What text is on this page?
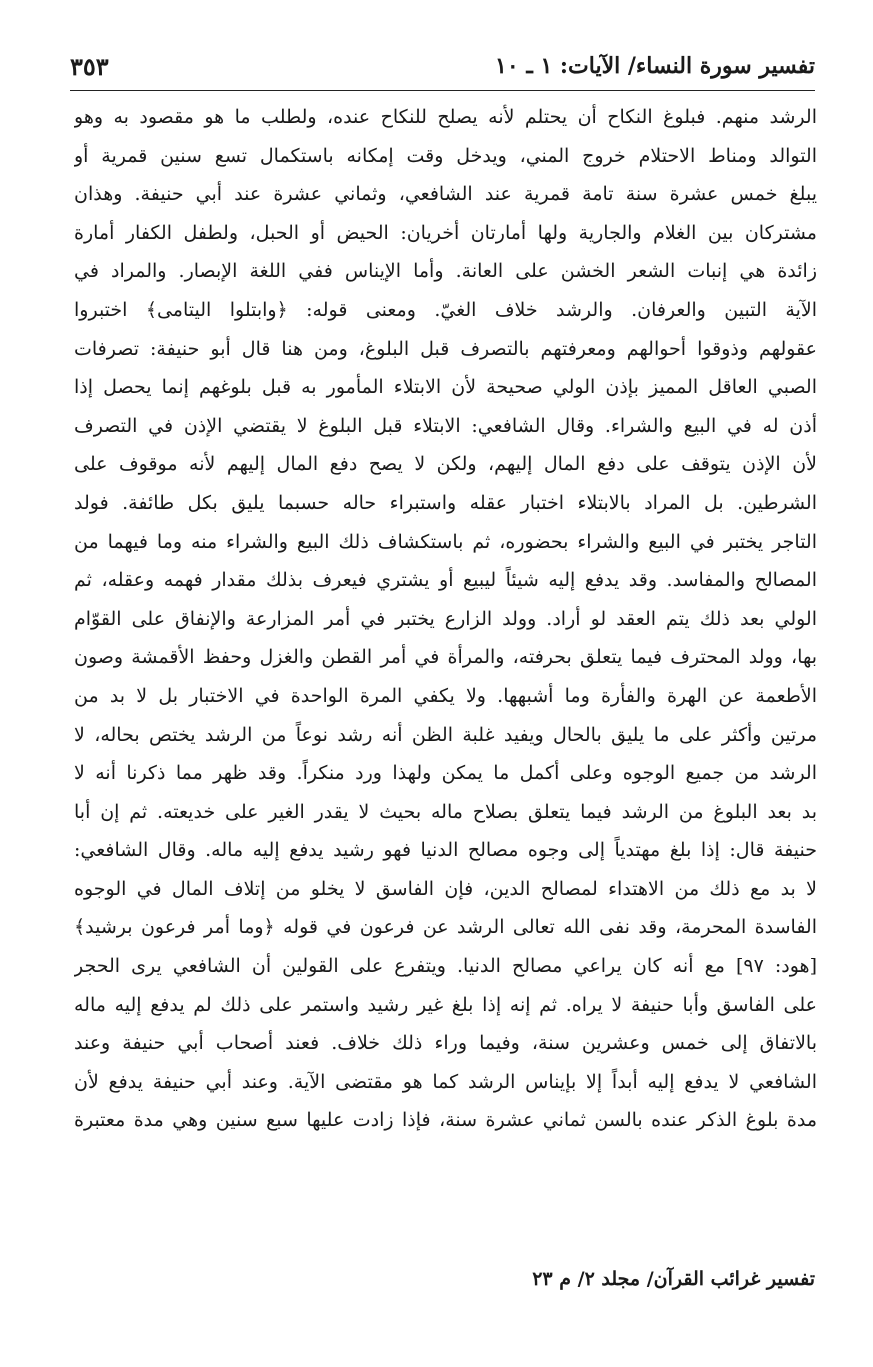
تفسير سورة النساء/ الآيات: ١ ـ ١٠
٣٥٣
الرشد منهم. فبلوغ النكاح أن يحتلم لأنه يصلح للنكاح عنده، ولطلب ما هو مقصود به وهو
التوالد ومناط الاحتلام خروج المني، ويدخل وقت إمكانه باستكمال تسع سنين قمرية أو
يبلغ خمس عشرة سنة تامة قمرية عند الشافعي، وثماني عشرة عند أبي حنيفة. وهذان
مشتركان بين الغلام والجارية ولها أمارتان أخريان: الحيض أو الحبل، ولطفل الكفار أمارة
زائدة هي إنبات الشعر الخشن على العانة. وأما الإيناس ففي اللغة الإبصار. والمراد في
الآية التبين والعرفان. والرشد خلاف الغيّ. ومعنى قوله: ﴿وابتلوا اليتامى﴾ اختبروا
عقولهم وذوقوا أحوالهم ومعرفتهم بالتصرف قبل البلوغ، ومن هنا قال أبو حنيفة: تصرفات
الصبي العاقل المميز بإذن الولي صحيحة لأن الابتلاء المأمور به قبل بلوغهم إنما يحصل إذا
أذن له في البيع والشراء. وقال الشافعي: الابتلاء قبل البلوغ لا يقتضي الإذن في التصرف
لأن الإذن يتوقف على دفع المال إليهم، ولكن لا يصح دفع المال إليهم لأنه موقوف على
الشرطين. بل المراد بالابتلاء اختبار عقله واستبراء حاله حسبما يليق بكل طائفة. فولد
التاجر يختبر في البيع والشراء بحضوره، ثم باستكشاف ذلك البيع والشراء منه وما فيهما من
المصالح والمفاسد. وقد يدفع إليه شيئاً ليبيع أو يشتري فيعرف بذلك مقدار فهمه وعقله، ثم
الولي بعد ذلك يتم العقد لو أراد. وولد الزارع يختبر في أمر المزارعة والإنفاق على القوّام
بها، وولد المحترف فيما يتعلق بحرفته، والمرأة في أمر القطن والغزل وحفظ الأقمشة وصون
الأطعمة عن الهرة والفأرة وما أشبهها. ولا يكفي المرة الواحدة في الاختبار بل لا بد من
مرتين وأكثر على ما يليق بالحال ويفيد غلبة الظن أنه رشد نوعاً من الرشد يختص بحاله، لا
الرشد من جميع الوجوه وعلى أكمل ما يمكن ولهذا ورد منكراً. وقد ظهر مما ذكرنا أنه لا
بد بعد البلوغ من الرشد فيما يتعلق بصلاح ماله بحيث لا يقدر الغير على خديعته. ثم إن أبا
حنيفة قال: إذا بلغ مهتدياً إلى وجوه مصالح الدنيا فهو رشيد يدفع إليه ماله. وقال الشافعي:
لا بد مع ذلك من الاهتداء لمصالح الدين، فإن الفاسق لا يخلو من إتلاف المال في الوجوه
الفاسدة المحرمة، وقد نفى الله تعالى الرشد عن فرعون في قوله ﴿وما أمر فرعون برشيد﴾
[هود: ٩٧] مع أنه كان يراعي مصالح الدنيا. ويتفرع على القولين أن الشافعي يرى الحجر
على الفاسق وأبا حنيفة لا يراه. ثم إنه إذا بلغ غير رشيد واستمر على ذلك لم يدفع إليه ماله
بالاتفاق إلى خمس وعشرين سنة، وفيما وراء ذلك خلاف. فعند أصحاب أبي حنيفة وعند
الشافعي لا يدفع إليه أبداً إلا بإيناس الرشد كما هو مقتضى الآية. وعند أبي حنيفة يدفع لأن
مدة بلوغ الذكر عنده بالسن ثماني عشرة سنة، فإذا زادت عليها سبع سنين وهي مدة معتبرة
تفسير غرائب القرآن/ مجلد ٢/ م ٢٣
